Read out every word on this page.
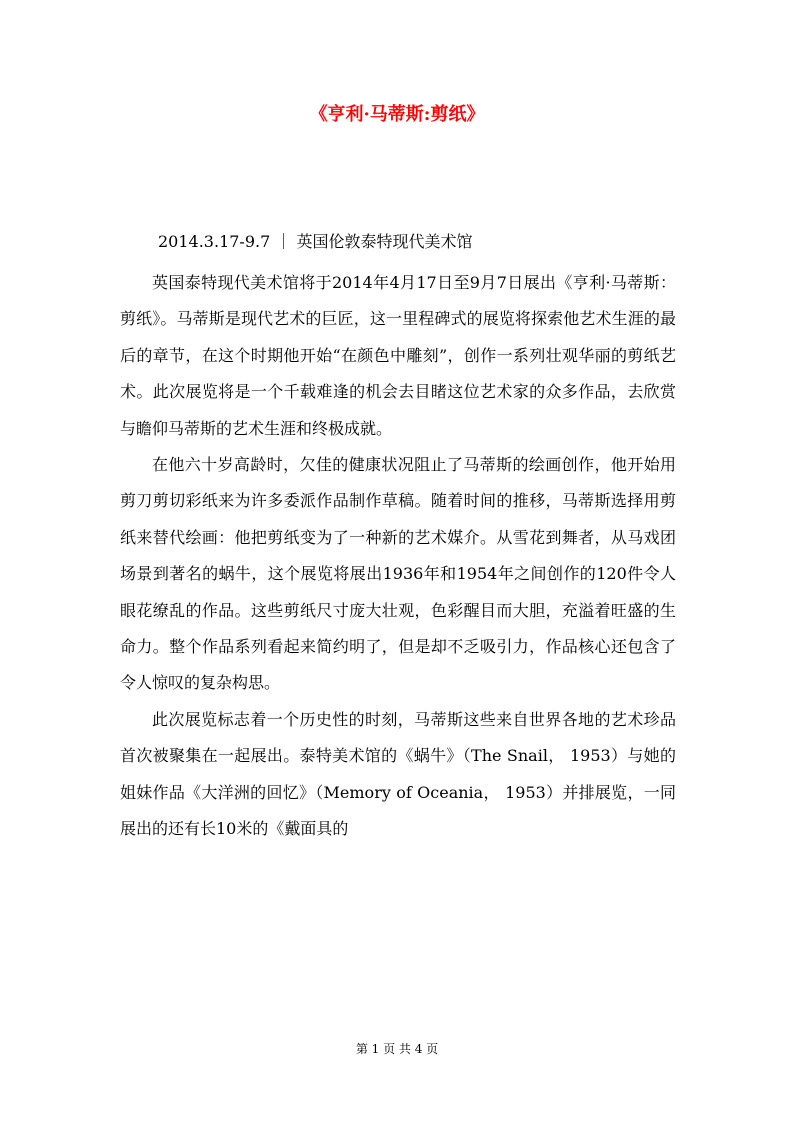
《亨利·马蒂斯:剪纸》
2014.3.17-9.7 ｜ 英国伦敦泰特现代美术馆

英国泰特现代美术馆将于2014年4月17日至9月7日展出《亨利·马蒂斯：剪纸》。马蒂斯是现代艺术的巨匠，这一里程碑式的展览将探索他艺术生涯的最后的章节，在这个时期他开始“在颜色中雕刻”，创作一系列壮观华丽的剪纸艺术。此次展览将是一个千载难逢的机会去目睹这位艺术家的众多作品，去欣赏与瞻仰马蒂斯的艺术生涯和终极成就。

在他六十岁高龄时，欠佳的健康状况阻止了马蒂斯的绘画创作，他开始用剪刀剪切彩纸来为许多委派作品制作草稿。随着时间的推移，马蒂斯选择用剪纸来替代绘画：他把剪纸变为了一种新的艺术媒介。从雪花到舞者，从马戏团场景到著名的蜗牛，这个展览将展出1936年和1954年之间创作的120件令人眼花缭乱的作品。这些剪纸尺寸庞大壮观，色彩醒目而大胆，充溢着旺盛的生命力。整个作品系列看起来简约明了，但是却不乏吸引力，作品核心还包含了令人惊叹的复杂构思。

此次展览标志着一个历史性的时刻，马蒂斯这些来自世界各地的艺术珍品首次被聚集在一起展出。泰特美术馆的《蜗牛》（The Snail， 1953）与她的姐妹作品《大洋洲的回忆》（Memory of Oceania， 1953）并排展览，一同展出的还有长10米的《戴面具的

第 1 页 共 4 页
